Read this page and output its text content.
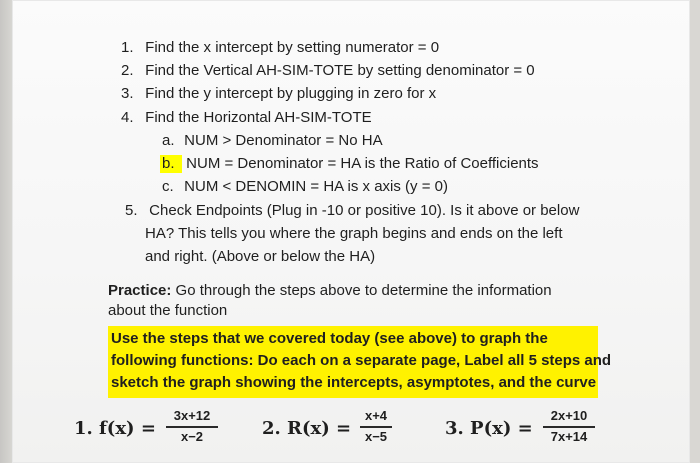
1. Find the x intercept by setting numerator = 0
2. Find the Vertical AH-SIM-TOTE by setting denominator = 0
3. Find the y intercept by plugging in zero for x
4. Find the Horizontal AH-SIM-TOTE
a. NUM > Denominator = No HA
b. NUM = Denominator = HA is the Ratio of Coefficients
c. NUM < DENOMIN = HA is x axis (y = 0)
5. Check Endpoints (Plug in -10 or positive 10). Is it above or below
HA? This tells you where the graph begins and ends on the left
and right. (Above or below the HA)
Practice: Go through the steps above to determine the information
about the function
Use the steps that we covered today (see above) to graph the
following functions: Do each on a separate page, Label all 5 steps and
sketch the graph showing the intercepts, asymptotes, and the curve
1. f(x) =
3x+12
x−2	2. R(x) =
x+4
x−5	3. P(x) =
2x+10
7x+14
